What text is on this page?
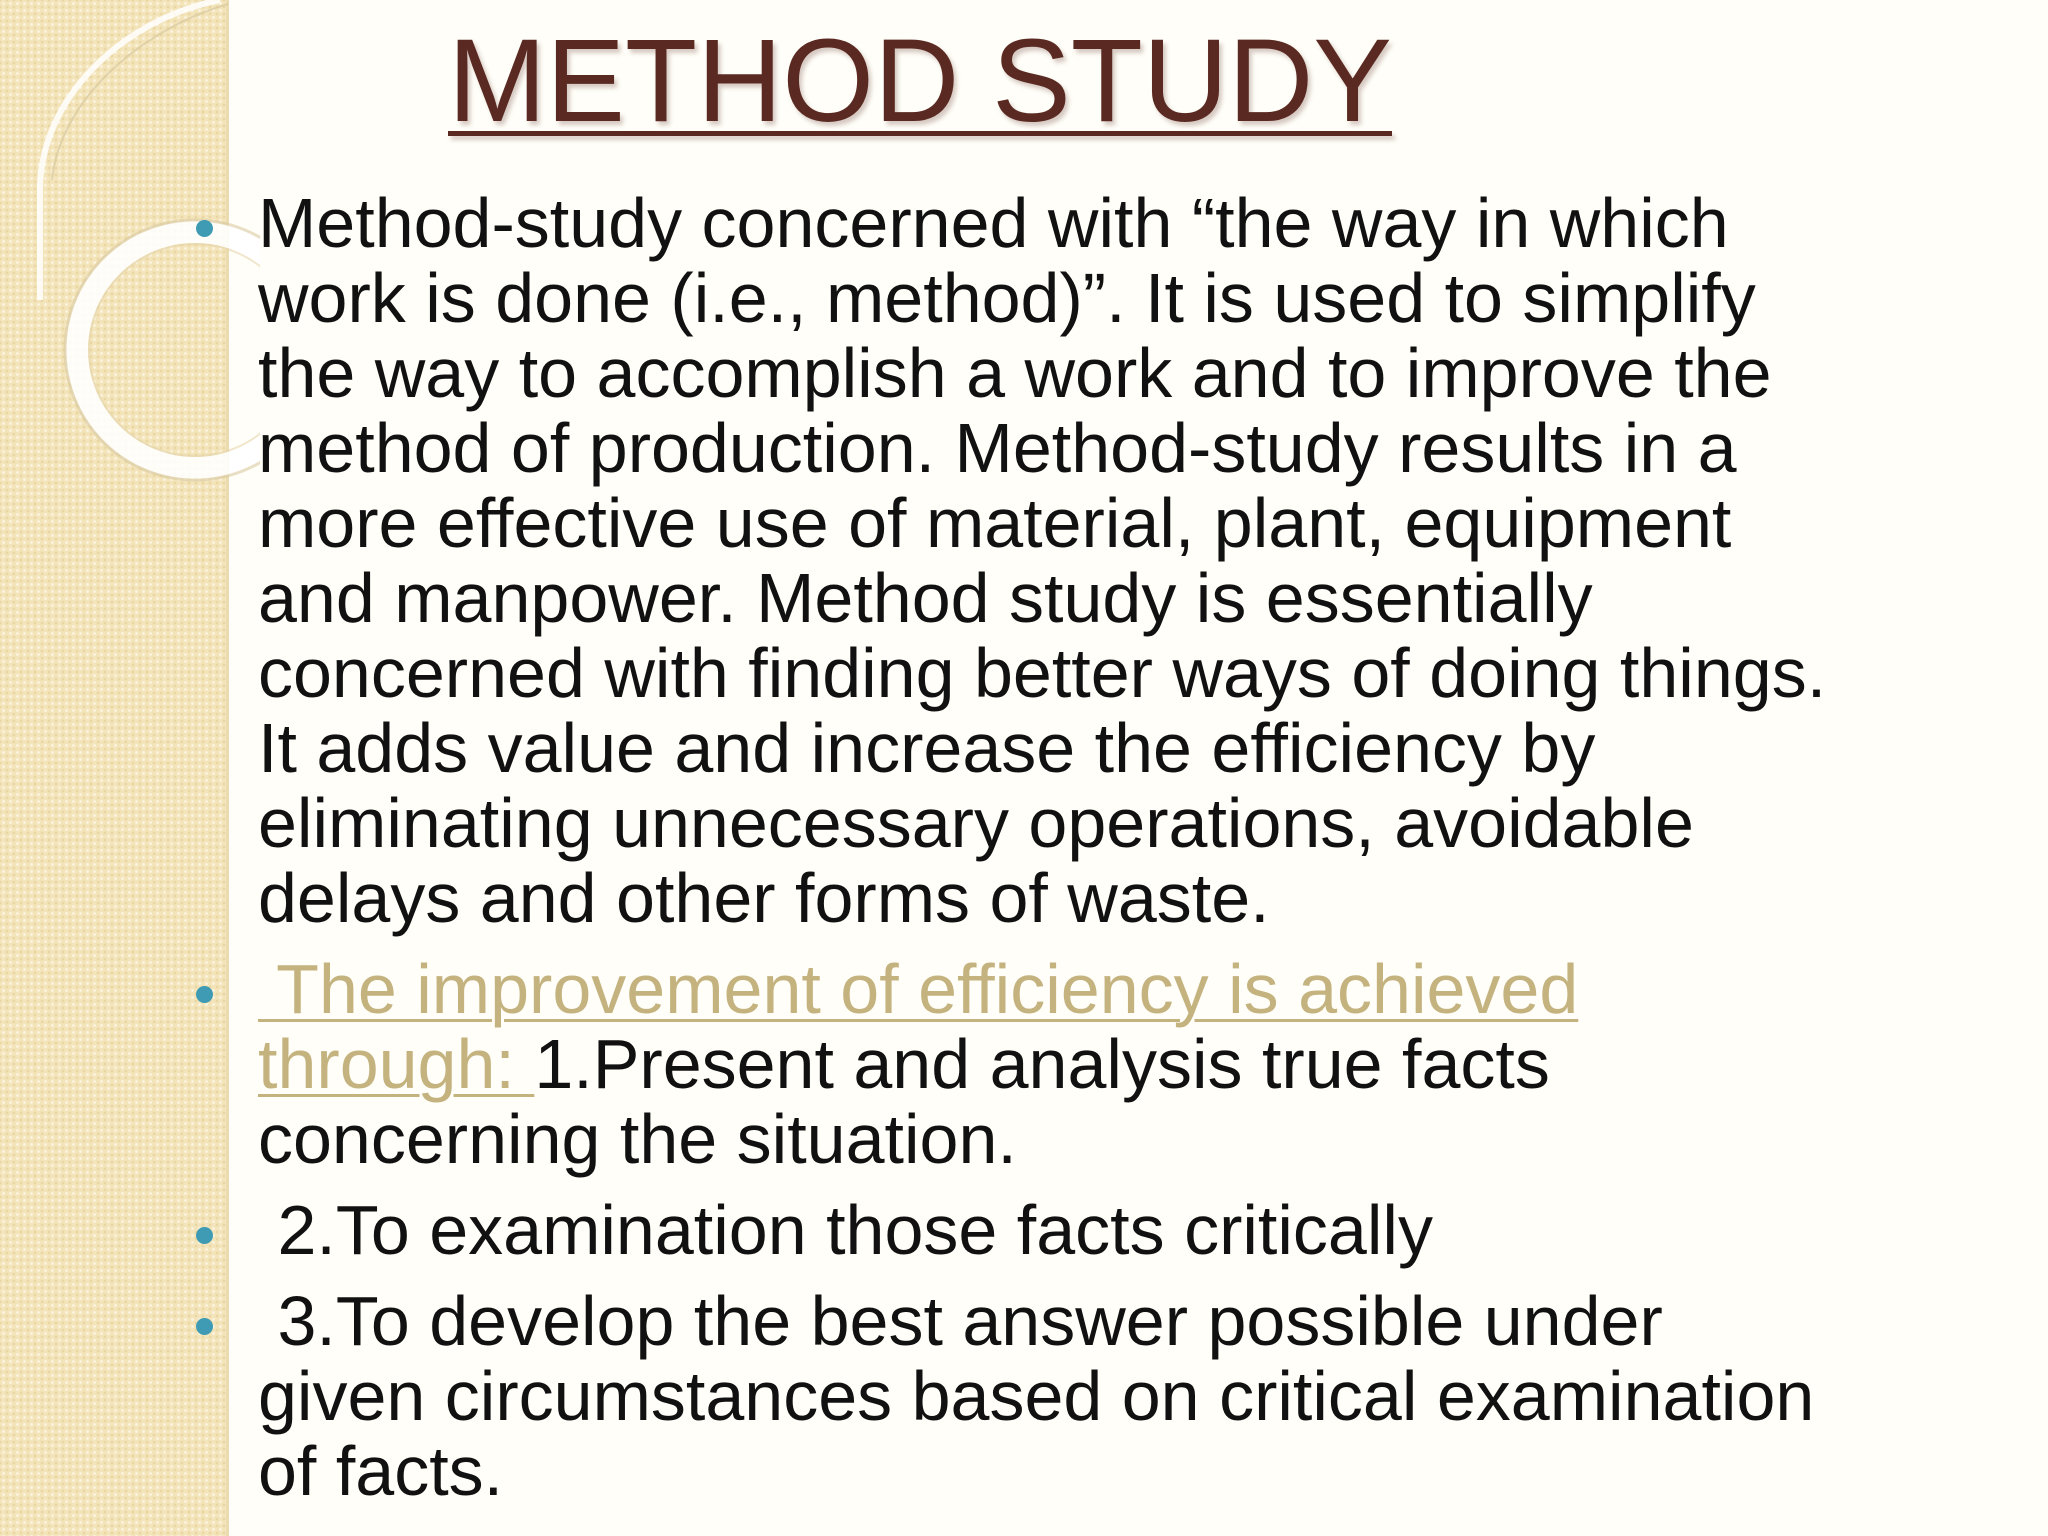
METHOD STUDY
Method-study concerned with “the way in which
work is done (i.e., method)”. It is used to simplify
the way to accomplish a work and to improve the
method of production. Method-study results in a
more effective use of material, plant, equipment
and manpower. Method study is essentially
concerned with finding better ways of doing things.
It adds value and increase the efficiency by
eliminating unnecessary operations, avoidable
delays and other forms of waste.
The improvement of efficiency is achieved
through: 1.Present and analysis true facts
concerning the situation.
2.To examination those facts critically
3.To develop the best answer possible under
given circumstances based on critical examination
of facts.
